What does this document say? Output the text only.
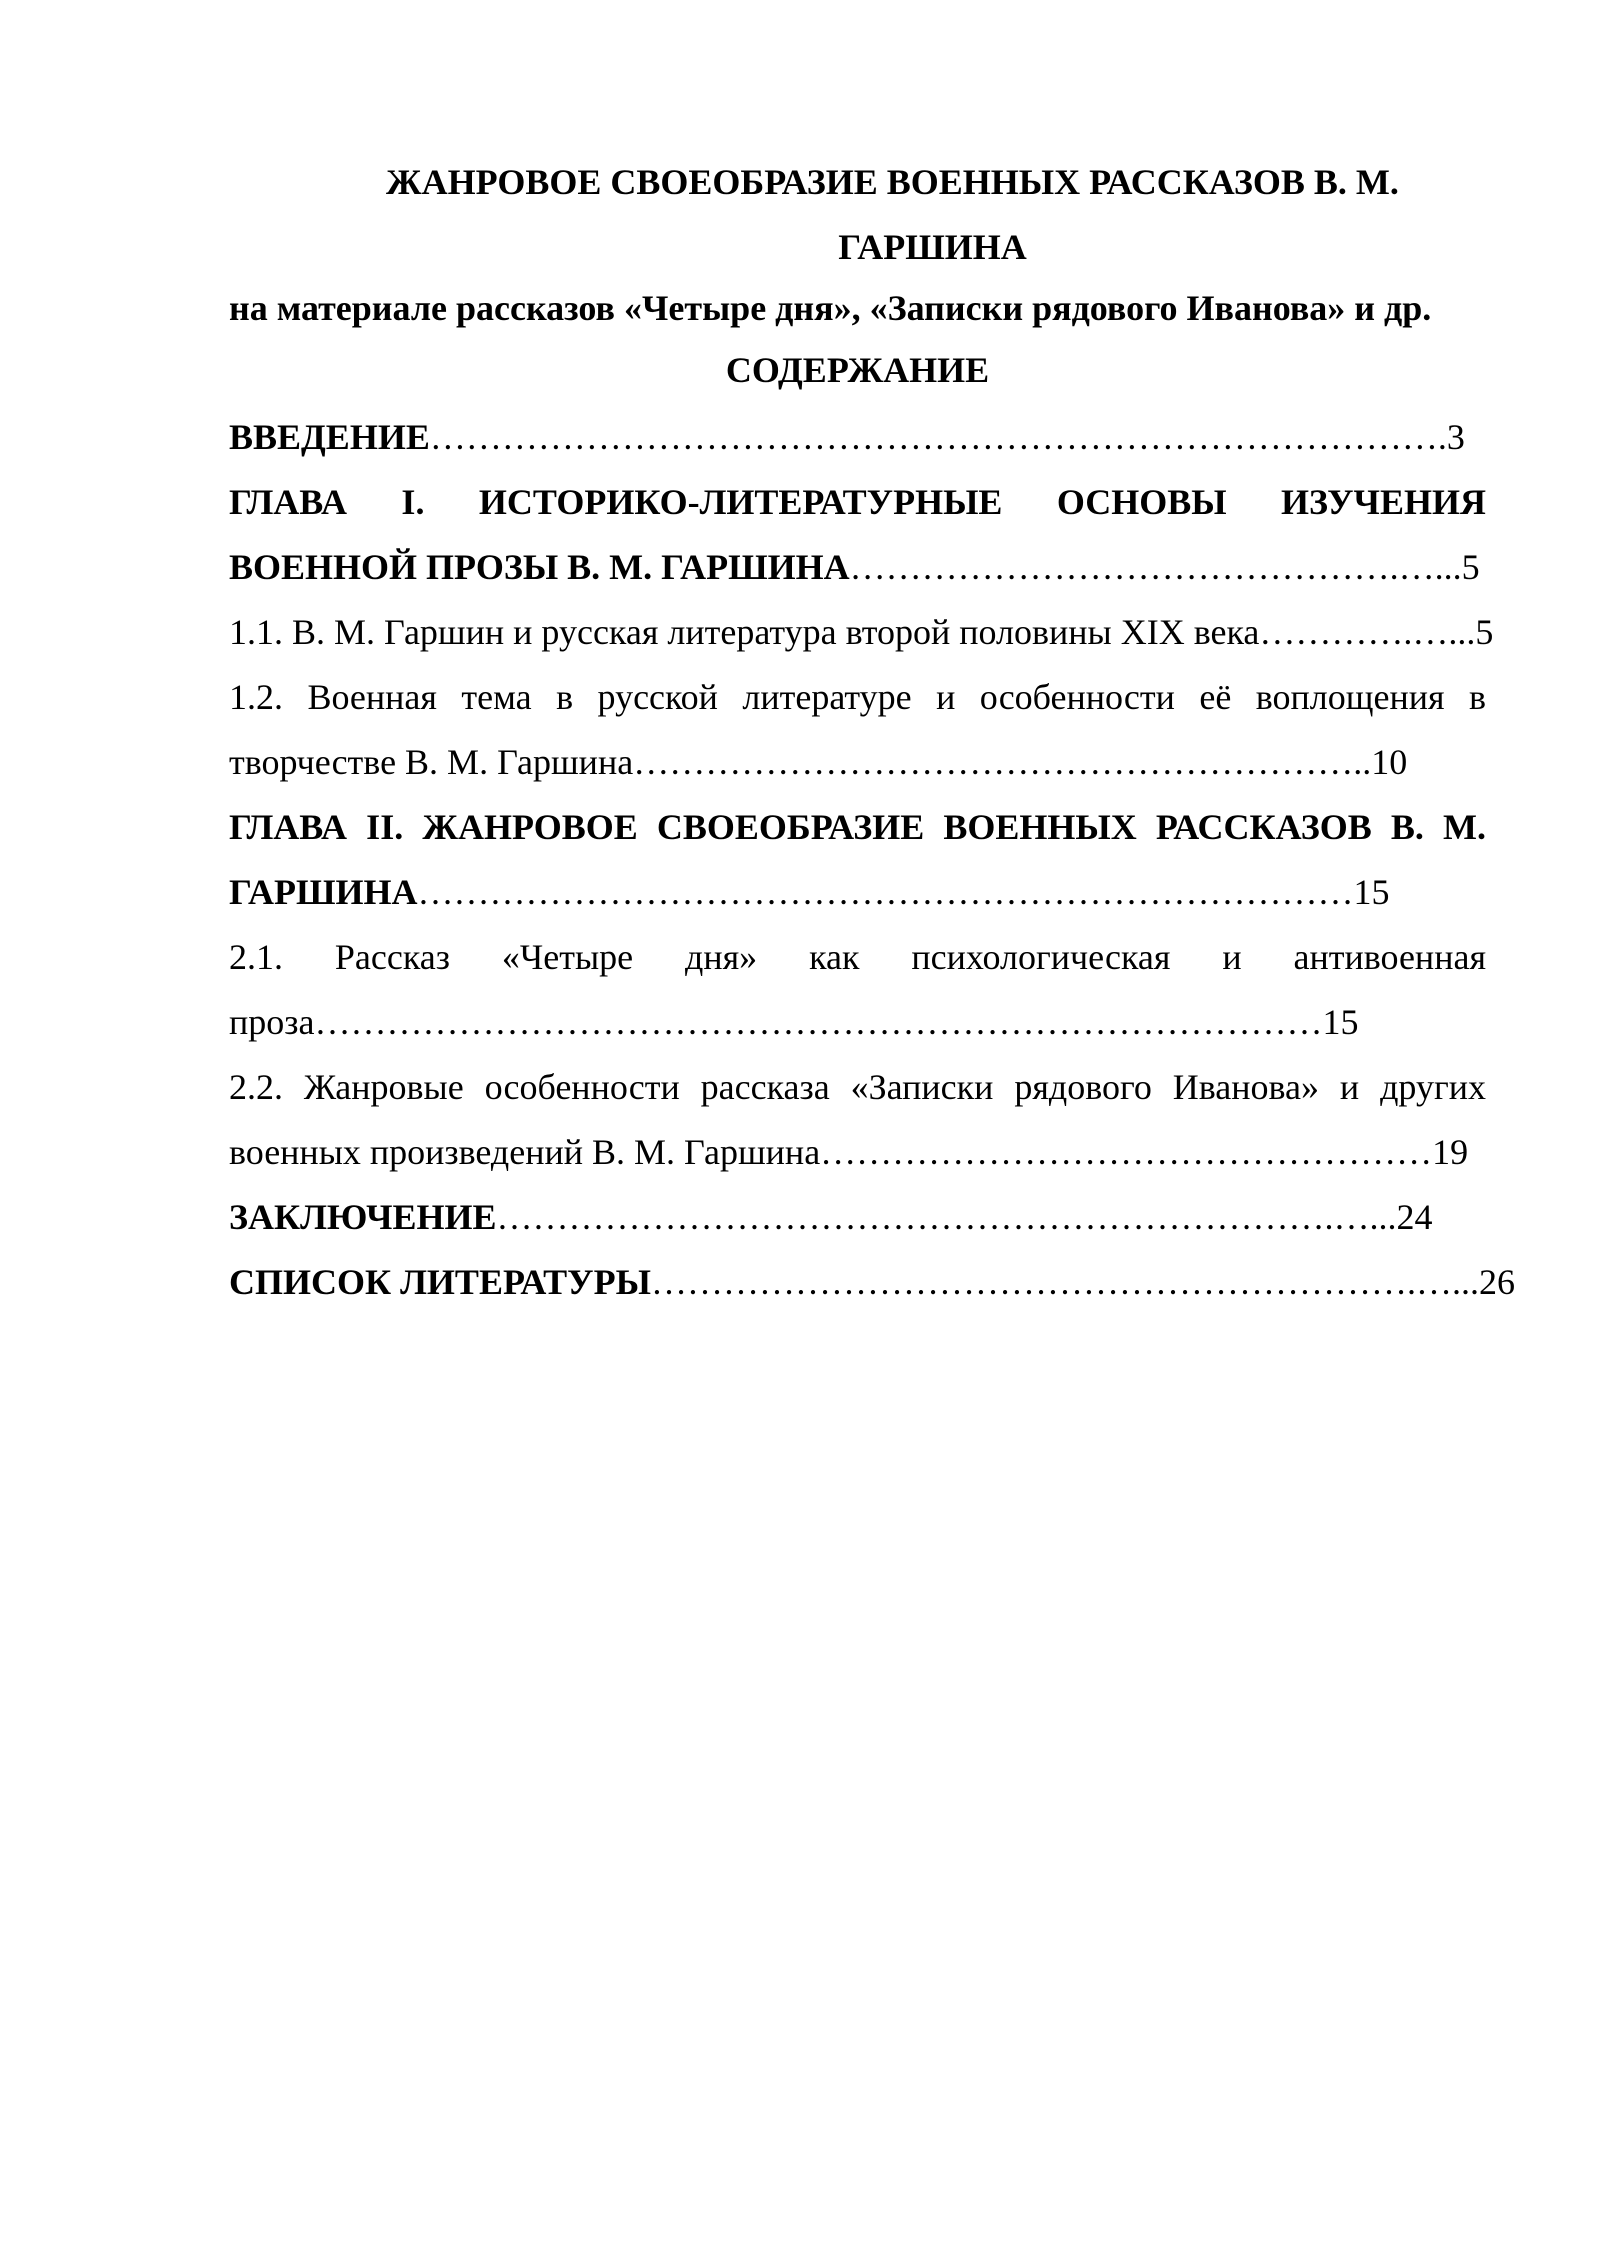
ЖАНРОВОЕ СВОЕОБРАЗИЕ ВОЕННЫХ РАССКАЗОВ В. М.
ГАРШИНА
на материале рассказов «Четыре дня», «Записки рядового Иванова» и др.
СОДЕРЖАНИЕ
ВВЕДЕНИЕ………………………………………………………………………….3
ГЛАВА I. ИСТОРИКО-ЛИТЕРАТУРНЫЕ ОСНОВЫ ИЗУЧЕНИЯ
ВОЕННОЙ ПРОЗЫ В. М. ГАРШИНА……………………………………….…...5
1.1. В. М. Гаршин и русская литература второй половины XIX века………….…...5
1.2. Военная тема в русской литературе и особенности её воплощения в
творчестве В. М. Гаршина……………………………………………………..10
ГЛАВА II. ЖАНРОВОЕ СВОЕОБРАЗИЕ ВОЕННЫХ РАССКАЗОВ В. М.
ГАРШИНА……………………………………………………………………15
2.1. Рассказ «Четыре дня» как психологическая и антивоенная
проза…………………………………………………………………………15
2.2. Жанровые особенности рассказа «Записки рядового Иванова» и других
военных произведений В. М. Гаршина……………………………………………19
ЗАКЛЮЧЕНИЕ…………………………………………………………….…...24
СПИСОК ЛИТЕРАТУРЫ……………………………………………………….…...26
